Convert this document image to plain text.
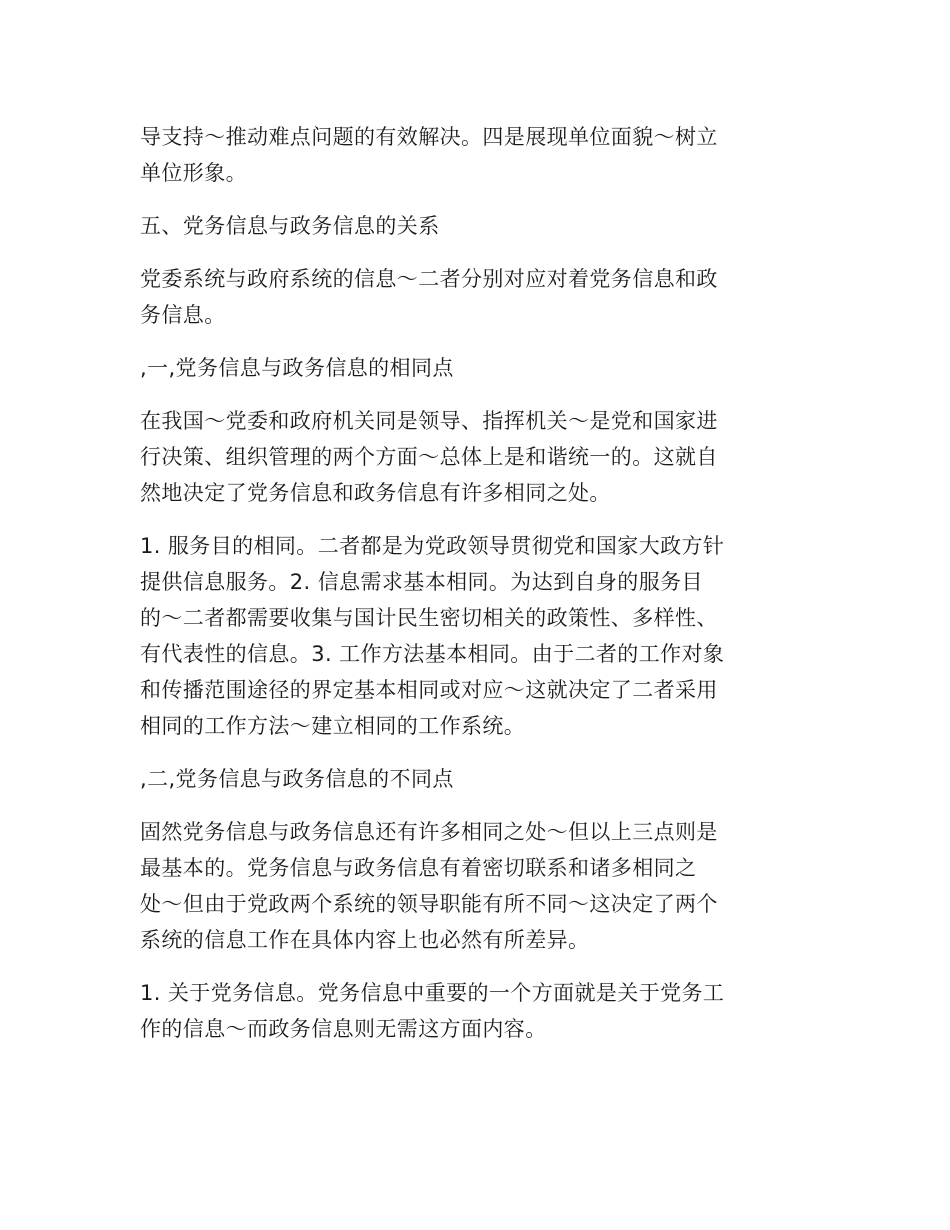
导支持～推动难点问题的有效解决。四是展现单位面貌～树立
单位形象。

五、党务信息与政务信息的关系

党委系统与政府系统的信息～二者分别对应对着党务信息和政
务信息。

,一,党务信息与政务信息的相同点

在我国～党委和政府机关同是领导、指挥机关～是党和国家进
行决策、组织管理的两个方面～总体上是和谐统一的。这就自
然地决定了党务信息和政务信息有许多相同之处。

1. 服务目的相同。二者都是为党政领导贯彻党和国家大政方针
提供信息服务。2. 信息需求基本相同。为达到自身的服务目
的～二者都需要收集与国计民生密切相关的政策性、多样性、
有代表性的信息。3. 工作方法基本相同。由于二者的工作对象
和传播范围途径的界定基本相同或对应～这就决定了二者采用
相同的工作方法～建立相同的工作系统。

,二,党务信息与政务信息的不同点

固然党务信息与政务信息还有许多相同之处～但以上三点则是
最基本的。党务信息与政务信息有着密切联系和诸多相同之
处～但由于党政两个系统的领导职能有所不同～这决定了两个
系统的信息工作在具体内容上也必然有所差异。

1. 关于党务信息。党务信息中重要的一个方面就是关于党务工
作的信息～而政务信息则无需这方面内容。
